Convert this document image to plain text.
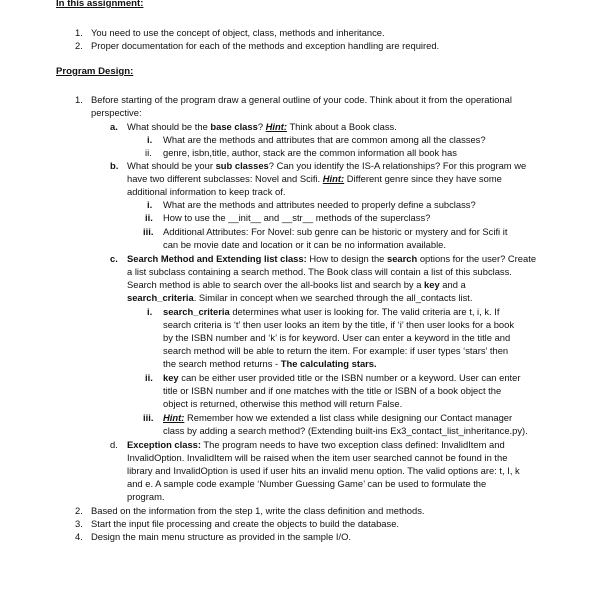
In this assignment:
1. You need to use the concept of object, class, methods and inheritance.
2. Proper documentation for each of the methods and exception handling are required.
Program Design:
1. Before starting of the program draw a general outline of your code. Think about it from the operational
perspective:
a. What should be the base class? Hint: Think about a Book class.
i. What are the methods and attributes that are common among all the classes?
ii. genre, isbn,title, author, stack are the common information all book has
b. What should be your sub classes? Can you identify the IS-A relationships? For this program we
have two different subclasses: Novel and Scifi. Hint: Different genre since they have some
additional information to keep track of.
i. What are the methods and attributes needed to properly define a subclass?
ii. How to use the __init__ and __str__ methods of the superclass?
iii. Additional Attributes: For Novel: sub genre can be historic or mystery and for Scifi it
can be movie date and location or it can be no information available.
c. Search Method and Extending list class: How to design the search options for the user? Create
a list subclass containing a search method. The Book class will contain a list of this subclass.
Search method is able to search over the all-books list and search by a key and a
search_criteria. Similar in concept when we searched through the all_contacts list.
i. search_criteria determines what user is looking for. The valid criteria are t, i, k. If
search criteria is ‘t’ then user looks an item by the title, if ‘i’ then user looks for a book
by the ISBN number and ‘k’ is for keyword. User can enter a keyword in the title and
search method will be able to return the item. For example: if user types ‘stars’ then
the search method returns - The calculating stars.
ii. key can be either user provided title or the ISBN number or a keyword. User can enter
title or ISBN number and if one matches with the title or ISBN of a book object the
object is returned, otherwise this method will return False.
iii. Hint: Remember how we extended a list class while designing our Contact manager
class by adding a search method? (Extending built-ins Ex3_contact_list_inheritance.py).
d. Exception class: The program needs to have two exception class defined: InvalidItem and
InvalidOption. InvalidItem will be raised when the item user searched cannot be found in the
library and InvalidOption is used if user hits an invalid menu option. The valid options are: t, I, k
and e. A sample code example ‘Number Guessing Game’ can be used to formulate the
program.
2. Based on the information from the step 1, write the class definition and methods.
3. Start the input file processing and create the objects to build the database.
4. Design the main menu structure as provided in the sample I/O.
